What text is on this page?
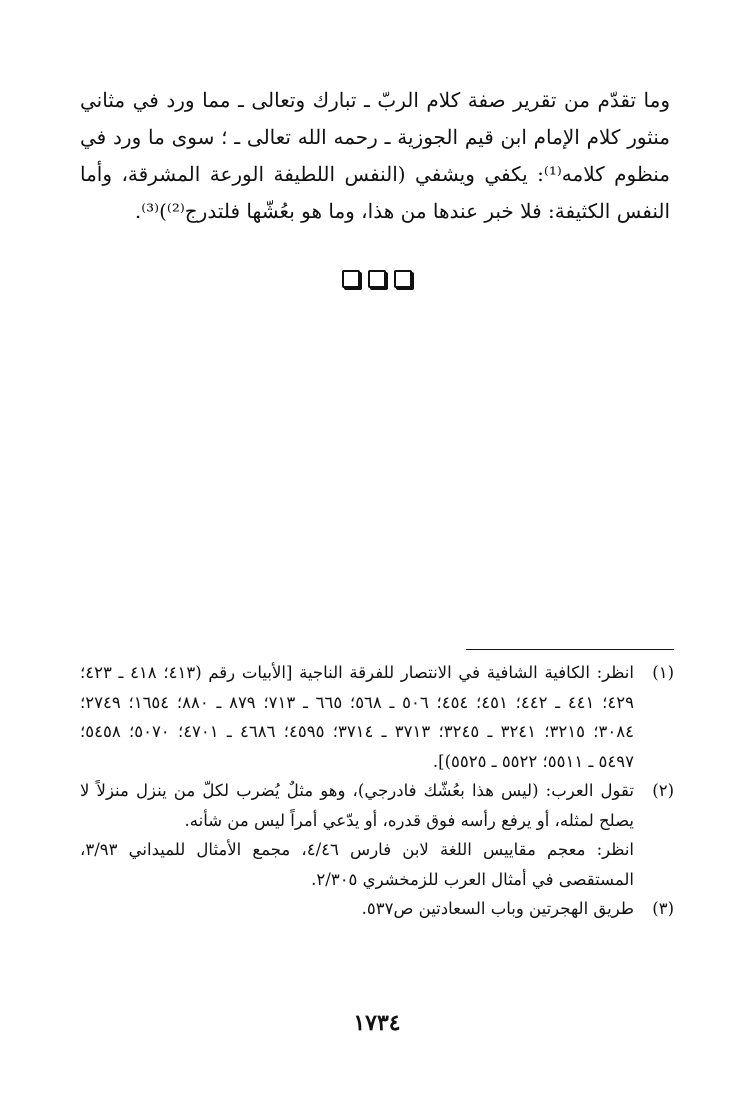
وما تقدّم من تقرير صفة كلام الربّ ـ تبارك وتعالى ـ مما ورد في مثاني منثور كلام الإمام ابن قيم الجوزية ـ رحمه الله تعالى ـ ؛ سوى ما ورد في منظوم كلامه⁽¹⁾: يكفي ويشفي (النفس اللطيفة الورعة المشرقة، وأما النفس الكثيفة: فلا خبر عندها من هذا، وما هو بعُشّها فلتدرج⁽²⁾)⁽³⁾.

(١)
انظر: الكافية الشافية في الانتصار للفرقة الناجية [الأبيات رقم (٤١٣؛ ٤١٨ ـ ٤٢٣؛ ٤٢٩؛ ٤٤١ ـ ٤٤٢؛ ٤٥١؛ ٤٥٤؛ ٥٠٦ ـ ٥٦٨؛ ٦٦٥ ـ ٧١٣؛ ٨٧٩ ـ ٨٨٠؛ ١٦٥٤؛ ٢٧٤٩؛ ٣٠٨٤؛ ٣٢١٥؛ ٣٢٤١ ـ ٣٢٤٥؛ ٣٧١٣ ـ ٣٧١٤؛ ٤٥٩٥؛ ٤٦٨٦ ـ ٤٧٠١؛ ٥٠٧٠؛ ٥٤٥٨؛ ٥٤٩٧ ـ ٥٥١١؛ ٥٥٢٢ ـ ٥٥٢٥)].
(٢)
تقول العرب: (ليس هذا بعُشّك فادرجي)، وهو مثلٌ يُضرب لكلّ من ينزل منزلاً لا يصلح لمثله، أو يرفع رأسه فوق قدره، أو يدّعي أمراً ليس من شأنه.
انظر: معجم مقاييس اللغة لابن فارس ٤/٤٦، مجمع الأمثال للميداني ٣/٩٣، المستقصى في أمثال العرب للزمخشري ٢/٣٠٥.
(٣)
طريق الهجرتين وباب السعادتين ص٥٣٧.
١٧٣٤
